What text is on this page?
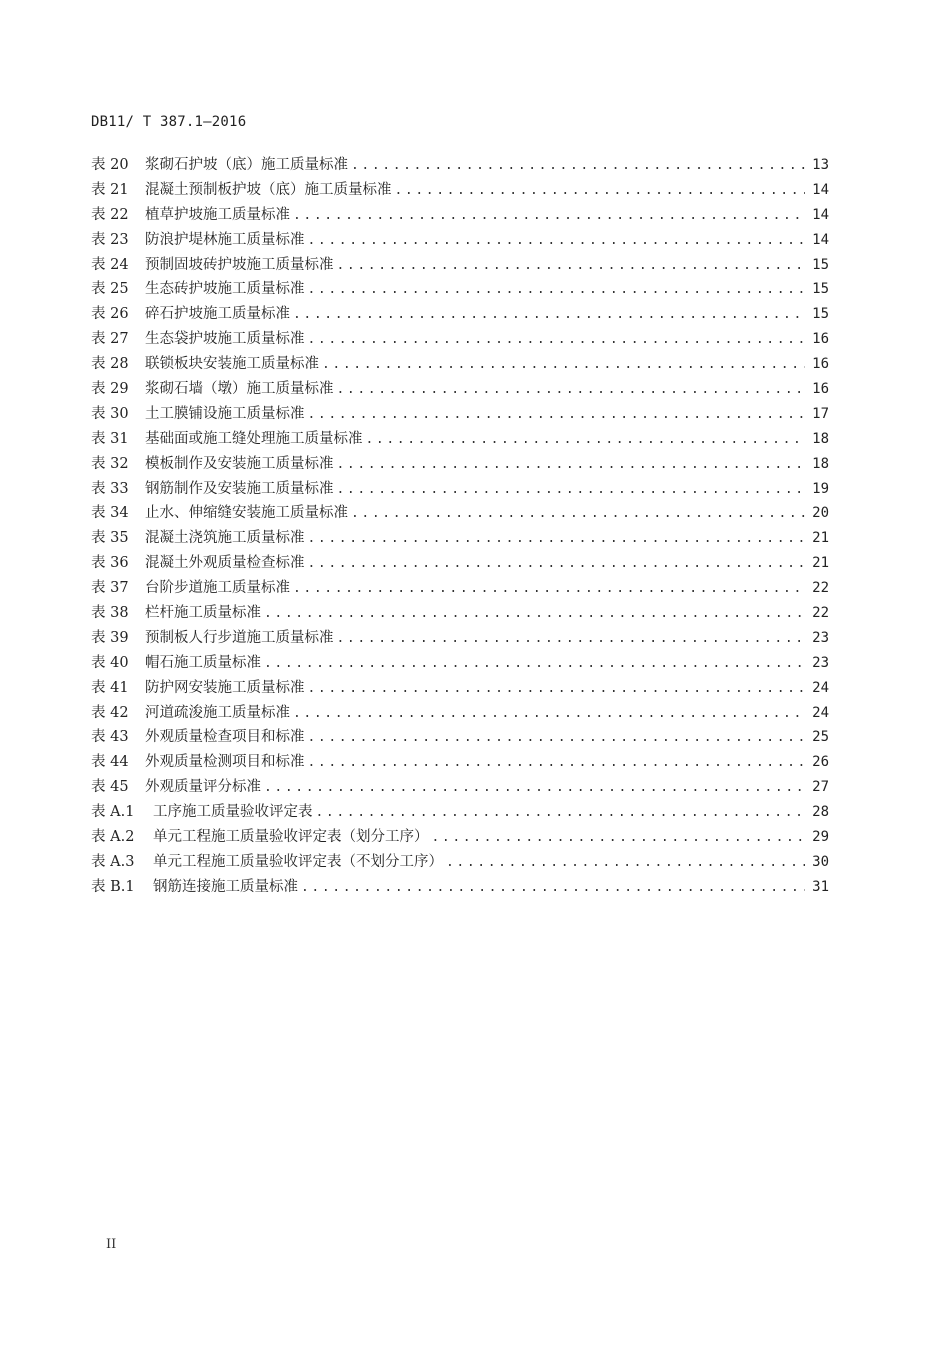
DB11/ T 387.1—2016
表 20	浆砌石护坡（底）施工质量标准 .....	13
表 21	混凝土预制板护坡（底）施工质量标准 .....	14
表 22	植草护坡施工质量标准 .....	14
表 23	防浪护堤林施工质量标准 .....	14
表 24	预制固坡砖护坡施工质量标准 .....	15
表 25	生态砖护坡施工质量标准 .....	15
表 26	碎石护坡施工质量标准 .....	15
表 27	生态袋护坡施工质量标准 .....	16
表 28	联锁板块安装施工质量标准 .....	16
表 29	浆砌石墙（墩）施工质量标准 .....	16
表 30	土工膜铺设施工质量标准 .....	17
表 31	基础面或施工缝处理施工质量标准 .....	18
表 32	模板制作及安装施工质量标准 .....	18
表 33	钢筋制作及安装施工质量标准 .....	19
表 34	止水、伸缩缝安装施工质量标准 .....	20
表 35	混凝土浇筑施工质量标准 .....	21
表 36	混凝土外观质量检查标准 .....	21
表 37	台阶步道施工质量标准 .....	22
表 38	栏杆施工质量标准 .....	22
表 39	预制板人行步道施工质量标准 .....	23
表 40	帽石施工质量标准 .....	23
表 41	防护网安装施工质量标准 .....	24
表 42	河道疏浚施工质量标准 .....	24
表 43	外观质量检查项目和标准 .....	25
表 44	外观质量检测项目和标准 .....	26
表 45	外观质量评分标准 .....	27
表 A.1	工序施工质量验收评定表 .....	28
表 A.2	单元工程施工质量验收评定表（划分工序） .....	29
表 A.3	单元工程施工质量验收评定表（不划分工序） .....	30
表 B.1	钢筋连接施工质量标准 .....	31
II
